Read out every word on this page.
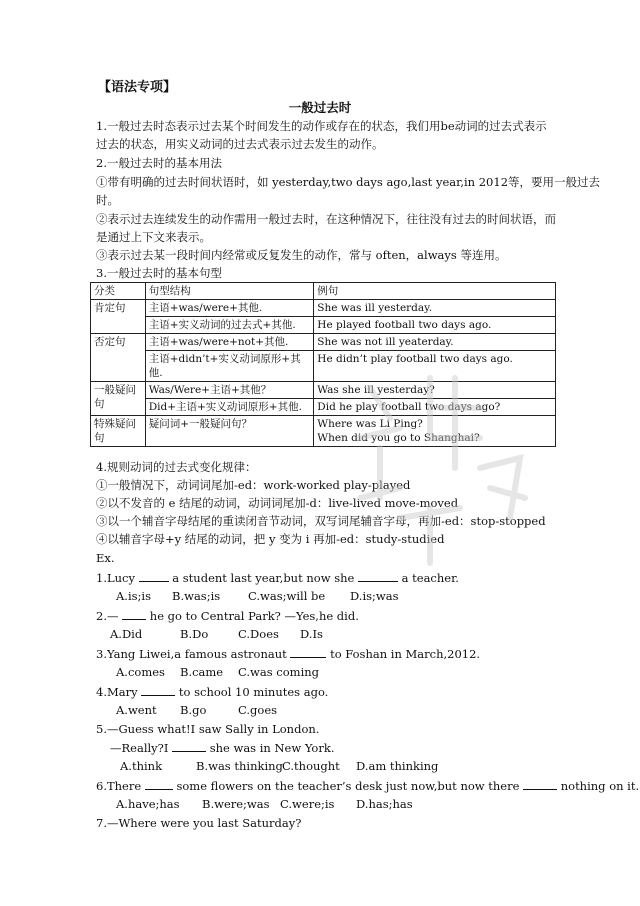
【语法专项】
一般过去时
1.一般过去时态表示过去某个时间发生的动作或存在的状态，我们用be动词的过去式表示
过去的状态，用实义动词的过去式表示过去发生的动作。
2.一般过去时的基本用法
①带有明确的过去时间状语时，如 yesterday,two days ago,last year,in 2012等，要用一般过去
时。
②表示过去连续发生的动作需用一般过去时，在这种情况下，往往没有过去的时间状语，而
是通过上下文来表示。
③表示过去某一段时间内经常或反复发生的动作，常与 often，always 等连用。
3.一般过去时的基本句型
分类	句型结构	例句
肯定句	主语+was/were+其他.	She was ill yesterday.
	主语+实义动词的过去式+其他.	He played football two days ago.
否定句	主语+was/were+not+其他.	She was not ill yeaterday.
	主语+didn’t+实义动词原形+其他.	He didn’t play football two days ago.
一般疑问句	Was/Were+主语+其他？	Was she ill yesterday?
	Did+主语+实义动词原形+其他.	Did he play football two days ago?
特殊疑问句	疑问词+一般疑问句？	Where was Li Ping?
When did you go to Shanghai?
4.规则动词的过去式变化规律：
①一般情况下，动词词尾加-ed：work-worked play-played
②以不发音的 e 结尾的动词，动词词尾加-d：live-lived move-moved
③以一个辅音字母结尾的重读闭音节动词，双写词尾辅音字母，再加-ed：stop-stopped
④以辅音字母+y 结尾的动词，把 y 变为 i 再加-ed：study-studied
Ex.
1.Lucy	a student last year,but now she	a teacher.
A.is;is B.was;is C.was;will be D.is;was
2.—	he go to Central Park? —Yes,he did.
A.Did	B.Do	C.Does D.Is
3.Yang Liwei,a famous astronaut	to Foshan in March,2012.
A.comes B.came C.was coming
4.Mary	to school 10 minutes ago.
A.went B.go	C.goes
5.—Guess what!I saw Sally in London.
—Really?I	she was in New York.
A.think	B.was thinking C.thought D.am thinking
6.There	some flowers on the teacher’s desk just now,but now there	nothing on it.
A.have;has B.were;was C.were;is D.has;has
7.—Where were you last Saturday?
